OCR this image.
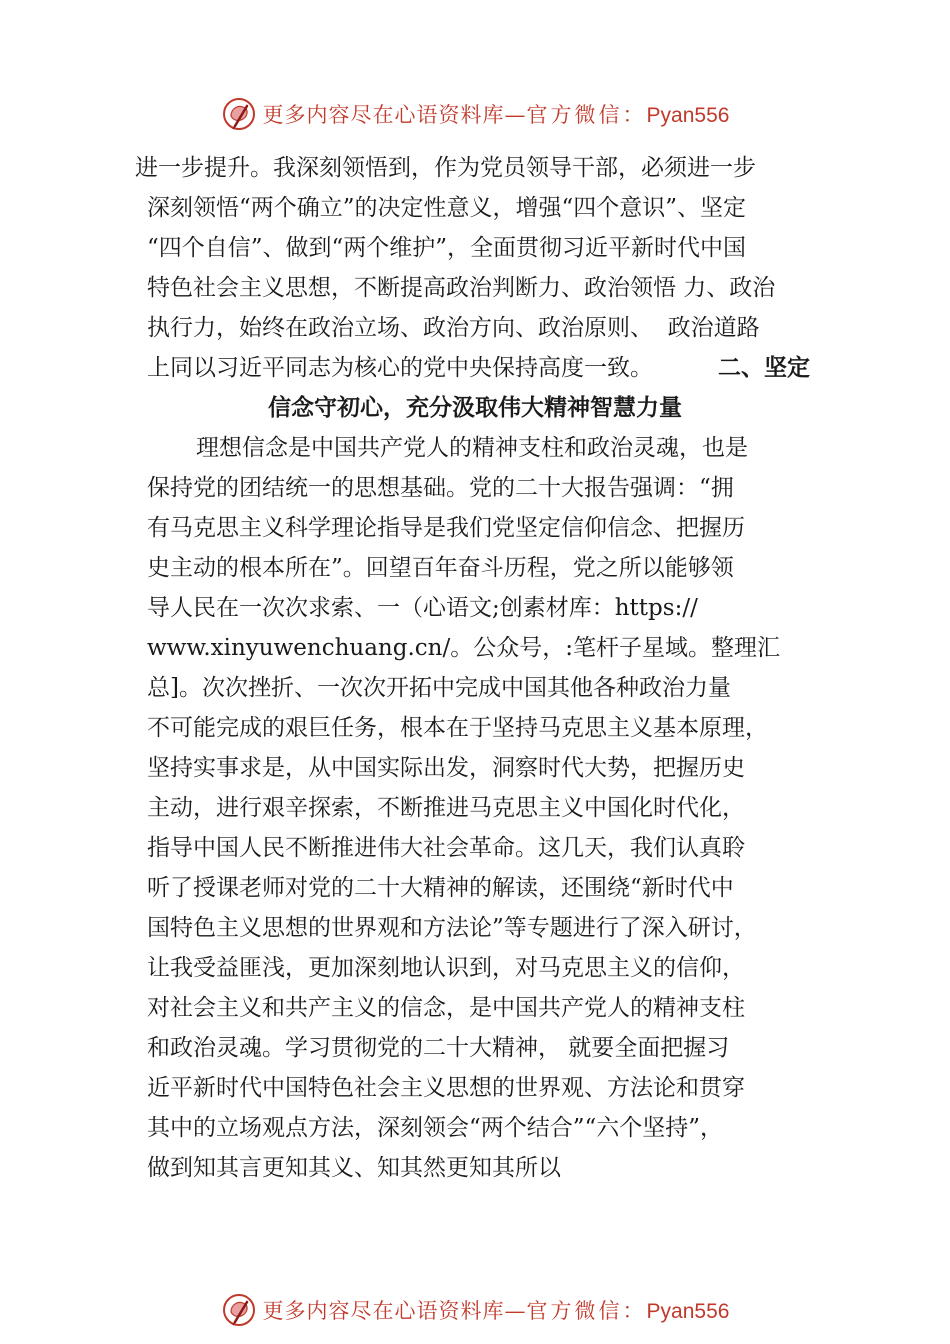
更多内容尽在心语资料库—官方微信：Pyan556
进一步提升。我深刻领悟到，作为党员领导干部，必须进一步
深刻领悟“两个确立”的决定性意义，增强“四个意识”、坚定
“四个自信”、做到“两个维护”，全面贯彻习近平新时代中国
特色社会主义思想，不断提高政治判断力、政治领悟 力、政治
执行力，始终在政治立场、政治方向、政治原则、  政治道路
上同以习近平同志为核心的党中央保持高度一致。	二、坚定
信念守初心，充分汲取伟大精神智慧力量
理想信念是中国共产党人的精神支柱和政治灵魂，也是
保持党的团结统一的思想基础。党的二十大报告强调：“拥
有马克思主义科学理论指导是我们党坚定信仰信念、把握历
史主动的根本所在”。回望百年奋斗历程，党之所以能够领
导人民在一次次求索、一（心语文;创素材库：https://
www.xinyuwenchuang.cn/。公众号，:笔杆子星域。整理汇
总]。次次挫折、一次次开拓中完成中国其他各种政治力量
不可能完成的艰巨任务，根本在于坚持马克思主义基本原理，
坚持实事求是，从中国实际出发，洞察时代大势，把握历史
主动，进行艰辛探索，不断推进马克思主义中国化时代化，
指导中国人民不断推进伟大社会革命。这几天，我们认真聆
听了授课老师对党的二十大精神的解读，还围绕“新时代中
国特色主义思想的世界观和方法论”等专题进行了深入研讨，
让我受益匪浅，更加深刻地认识到，对马克思主义的信仰，
对社会主义和共产主义的信念，是中国共产党人的精神支柱
和政治灵魂。学习贯彻党的二十大精神， 就要全面把握习
近平新时代中国特色社会主义思想的世界观、方法论和贯穿
其中的立场观点方法，深刻领会“两个结合”“六个坚持”，
做到知其言更知其义、知其然更知其所以
更多内容尽在心语资料库—官方微信：Pyan556
